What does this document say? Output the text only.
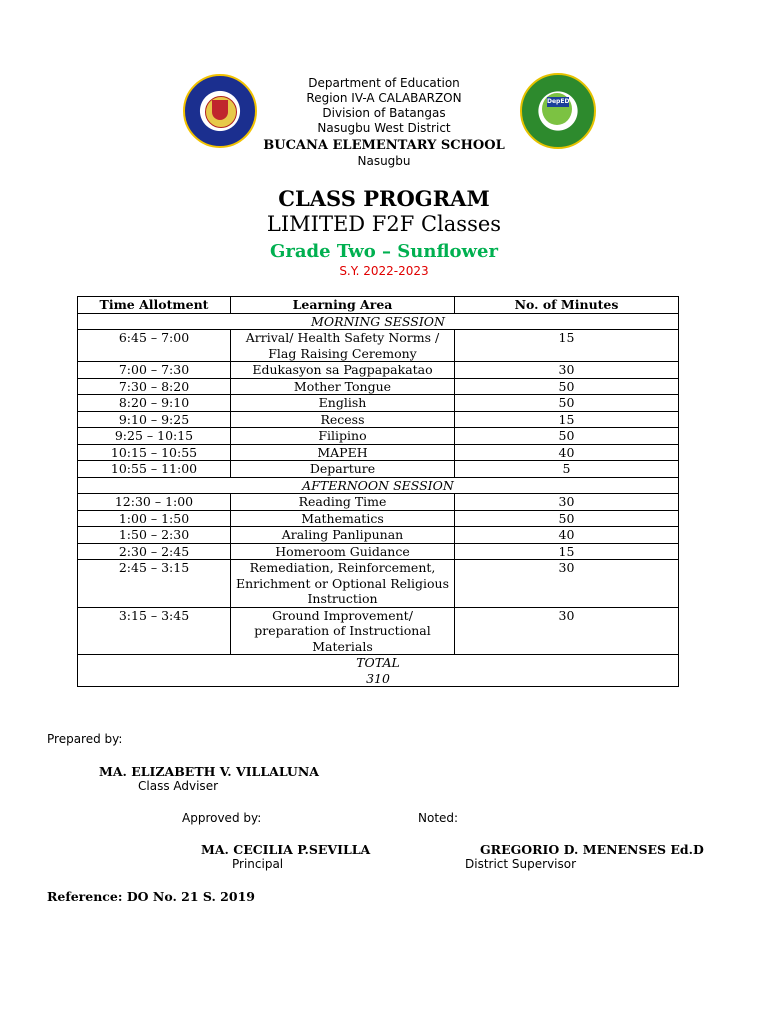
DepED
Department of Education
Region IV-A CALABARZON
Division of Batangas
Nasugbu West District
BUCANA ELEMENTARY SCHOOL
Nasugbu
CLASS PROGRAM
LIMITED F2F Classes
Grade Two – Sunflower
S.Y. 2022-2023
Time Allotment	Learning Area	No. of Minutes
MORNING SESSION		
6:45 – 7:00	Arrival/ Health Safety Norms / Flag Raising Ceremony	15
7:00 – 7:30	Edukasyon sa Pagpapakatao	30
7:30 – 8:20	Mother Tongue	50
8:20 – 9:10	English	50
9:10 – 9:25	Recess	15
9:25 – 10:15	Filipino	50
10:15 – 10:55	MAPEH	40
10:55 – 11:00	Departure	5
AFTERNOON SESSION		
12:30 – 1:00	Reading Time	30
1:00 – 1:50	Mathematics	50
1:50 – 2:30	Araling Panlipunan	40
2:30 – 2:45	Homeroom Guidance	15
2:45 – 3:15	Remediation, Reinforcement, Enrichment or Optional Religious Instruction	30
3:15 – 3:45	Ground Improvement/ preparation of Instructional Materials	30

TOTAL
310		
Prepared by:
MA. ELIZABETH V. VILLALUNA
Class Adviser
Approved by:	Noted:
MA. CECILIA P.SEVILLA
Principal
GREGORIO D. MENENSES Ed.D
District Supervisor
Reference: DO No. 21 S. 2019
